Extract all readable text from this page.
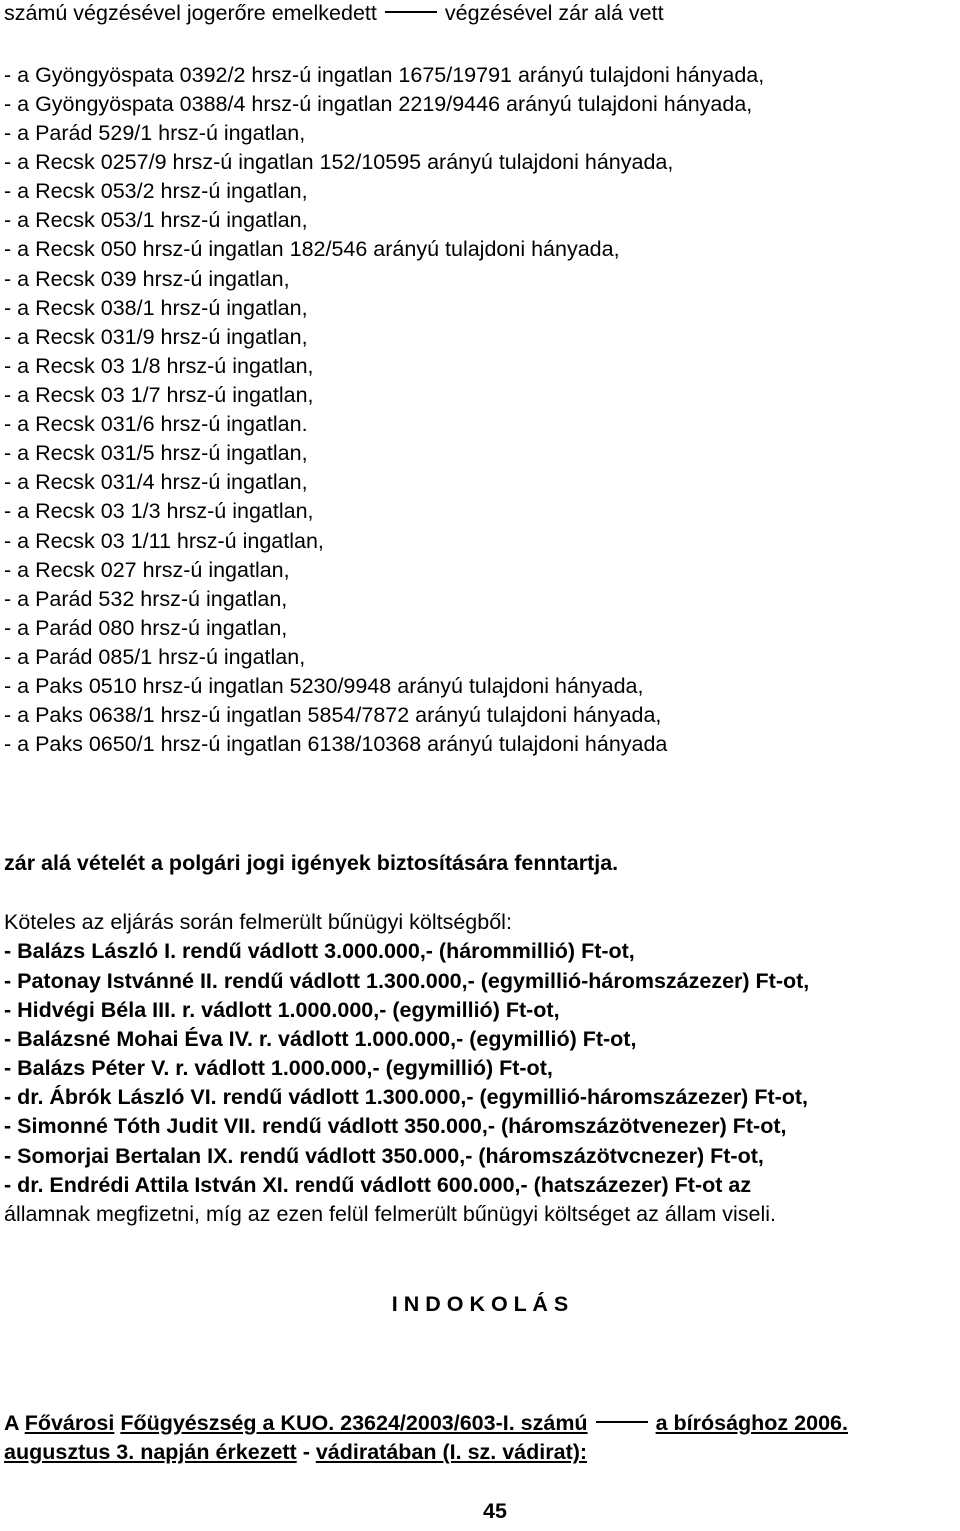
számú végzésével jogerőre emelkedett	végzésével zár alá vett
- a Gyöngyöspata 0392/2 hrsz-ú ingatlan 1675/19791 arányú tulajdoni hányada,
- a Gyöngyöspata 0388/4 hrsz-ú ingatlan 2219/9446 arányú tulajdoni hányada,
- a Parád 529/1 hrsz-ú ingatlan,
- a Recsk 0257/9 hrsz-ú ingatlan 152/10595 arányú tulajdoni hányada,
- a Recsk 053/2 hrsz-ú ingatlan,
- a Recsk 053/1 hrsz-ú ingatlan,
- a Recsk 050 hrsz-ú ingatlan 182/546 arányú tulajdoni hányada,
- a Recsk 039 hrsz-ú ingatlan,
- a Recsk 038/1 hrsz-ú ingatlan,
- a Recsk 031/9 hrsz-ú ingatlan,
- a Recsk 03 1/8 hrsz-ú ingatlan,
- a Recsk 03 1/7 hrsz-ú ingatlan,
- a Recsk 031/6 hrsz-ú ingatlan.
- a Recsk 031/5 hrsz-ú ingatlan,
- a Recsk 031/4 hrsz-ú ingatlan,
- a Recsk 03 1/3 hrsz-ú ingatlan,
- a Recsk 03 1/11 hrsz-ú ingatlan,
- a Recsk 027 hrsz-ú ingatlan,
- a Parád 532 hrsz-ú ingatlan,
- a Parád 080 hrsz-ú ingatlan,
- a Parád 085/1 hrsz-ú ingatlan,
- a Paks 0510 hrsz-ú ingatlan 5230/9948 arányú tulajdoni hányada,
- a Paks 0638/1 hrsz-ú ingatlan 5854/7872 arányú tulajdoni hányada,
- a Paks 0650/1 hrsz-ú ingatlan 6138/10368 arányú tulajdoni hányada
zár alá vételét a polgári jogi igények biztosítására fenntartja.
Köteles az eljárás során felmerült bűnügyi költségből:
- Balázs László I. rendű vádlott 3.000.000,- (hárommillió) Ft-ot,
- Patonay Istvánné II. rendű vádlott 1.300.000,- (egymillió-háromszázezer) Ft-ot,
- Hidvégi Béla III. r. vádlott 1.000.000,- (egymillió) Ft-ot,
- Balázsné Mohai Éva IV. r. vádlott 1.000.000,- (egymillió) Ft-ot,
- Balázs Péter V. r. vádlott 1.000.000,- (egymillió) Ft-ot,
- dr. Ábrók László VI. rendű vádlott 1.300.000,- (egymillió-háromszázezer) Ft-ot,
- Simonné Tóth Judit VII. rendű vádlott 350.000,- (háromszázötvenezer) Ft-ot,
- Somorjai Bertalan IX. rendű vádlott 350.000,- (háromszázötvcnezer) Ft-ot,
- dr. Endrédi Attila István XI. rendű vádlott 600.000,- (hatszázezer) Ft-ot az
államnak megfizetni, míg az ezen felül felmerült bűnügyi költséget az állam viseli.
I N D O K O L Á S
A Fővárosi Főügyészség a KUO. 23624/2003/603-I. számú	a bírósághoz 2006.
augusztus 3. napján érkezett - vádiratában (I. sz. vádirat):
45
